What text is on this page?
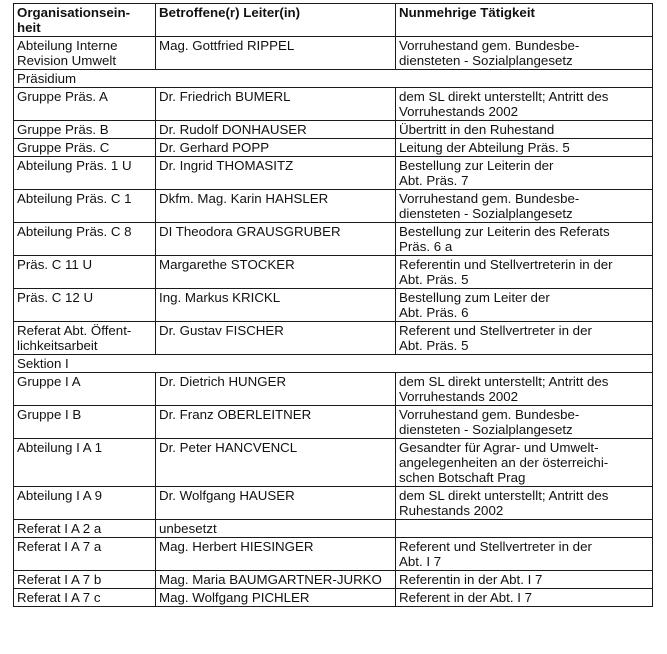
Organisationsein-
heit	Betroffene(r) Leiter(in)	Nunmehrige Tätigkeit
Abteilung Interne
Revision Umwelt	Mag. Gottfried RIPPEL	Vorruhestand gem. Bundesbe-
diensteten - Sozialplangesetz
Präsidium		
Gruppe Präs. A	Dr. Friedrich BUMERL	dem SL direkt unterstellt; Antritt des
Vorruhestands 2002
Gruppe Präs. B	Dr. Rudolf DONHAUSER	Übertritt in den Ruhestand
Gruppe Präs. C	Dr. Gerhard POPP	Leitung der Abteilung Präs. 5
Abteilung Präs. 1 U	Dr. Ingrid THOMASITZ	Bestellung zur Leiterin der
Abt. Präs. 7
Abteilung Präs. C 1	Dkfm. Mag. Karin HAHSLER	Vorruhestand gem. Bundesbe-
diensteten - Sozialplangesetz
Abteilung Präs. C 8	DI Theodora GRAUSGRUBER	Bestellung zur Leiterin des Referats
Präs. 6 a
Präs. C 11 U	Margarethe STOCKER	Referentin und Stellvertreterin in der
Abt. Präs. 5
Präs. C 12 U	Ing. Markus KRICKL	Bestellung zum Leiter der
Abt. Präs. 6
Referat Abt. Öffent-
lichkeitsarbeit	Dr. Gustav FISCHER	Referent und Stellvertreter in der
Abt. Präs. 5
Sektion I		
Gruppe I A	Dr. Dietrich HUNGER	dem SL direkt unterstellt; Antritt des
Vorruhestands 2002
Gruppe I B	Dr. Franz OBERLEITNER	Vorruhestand gem. Bundesbe-
diensteten - Sozialplangesetz
Abteilung I A 1	Dr. Peter HANCVENCL	Gesandter für Agrar- und Umwelt-
angelegenheiten an der österreichi-
schen Botschaft Prag
Abteilung I A 9	Dr. Wolfgang HAUSER	dem SL direkt unterstellt; Antritt des
Ruhestands 2002
Referat I A 2 a	unbesetzt	
Referat I A 7 a	Mag. Herbert HIESINGER	Referent und Stellvertreter in der
Abt. I 7
Referat I A 7 b	Mag. Maria BAUMGARTNER-JURKO	Referentin in der Abt. I 7
Referat I A 7 c	Mag. Wolfgang PICHLER	Referent in der Abt. I 7
